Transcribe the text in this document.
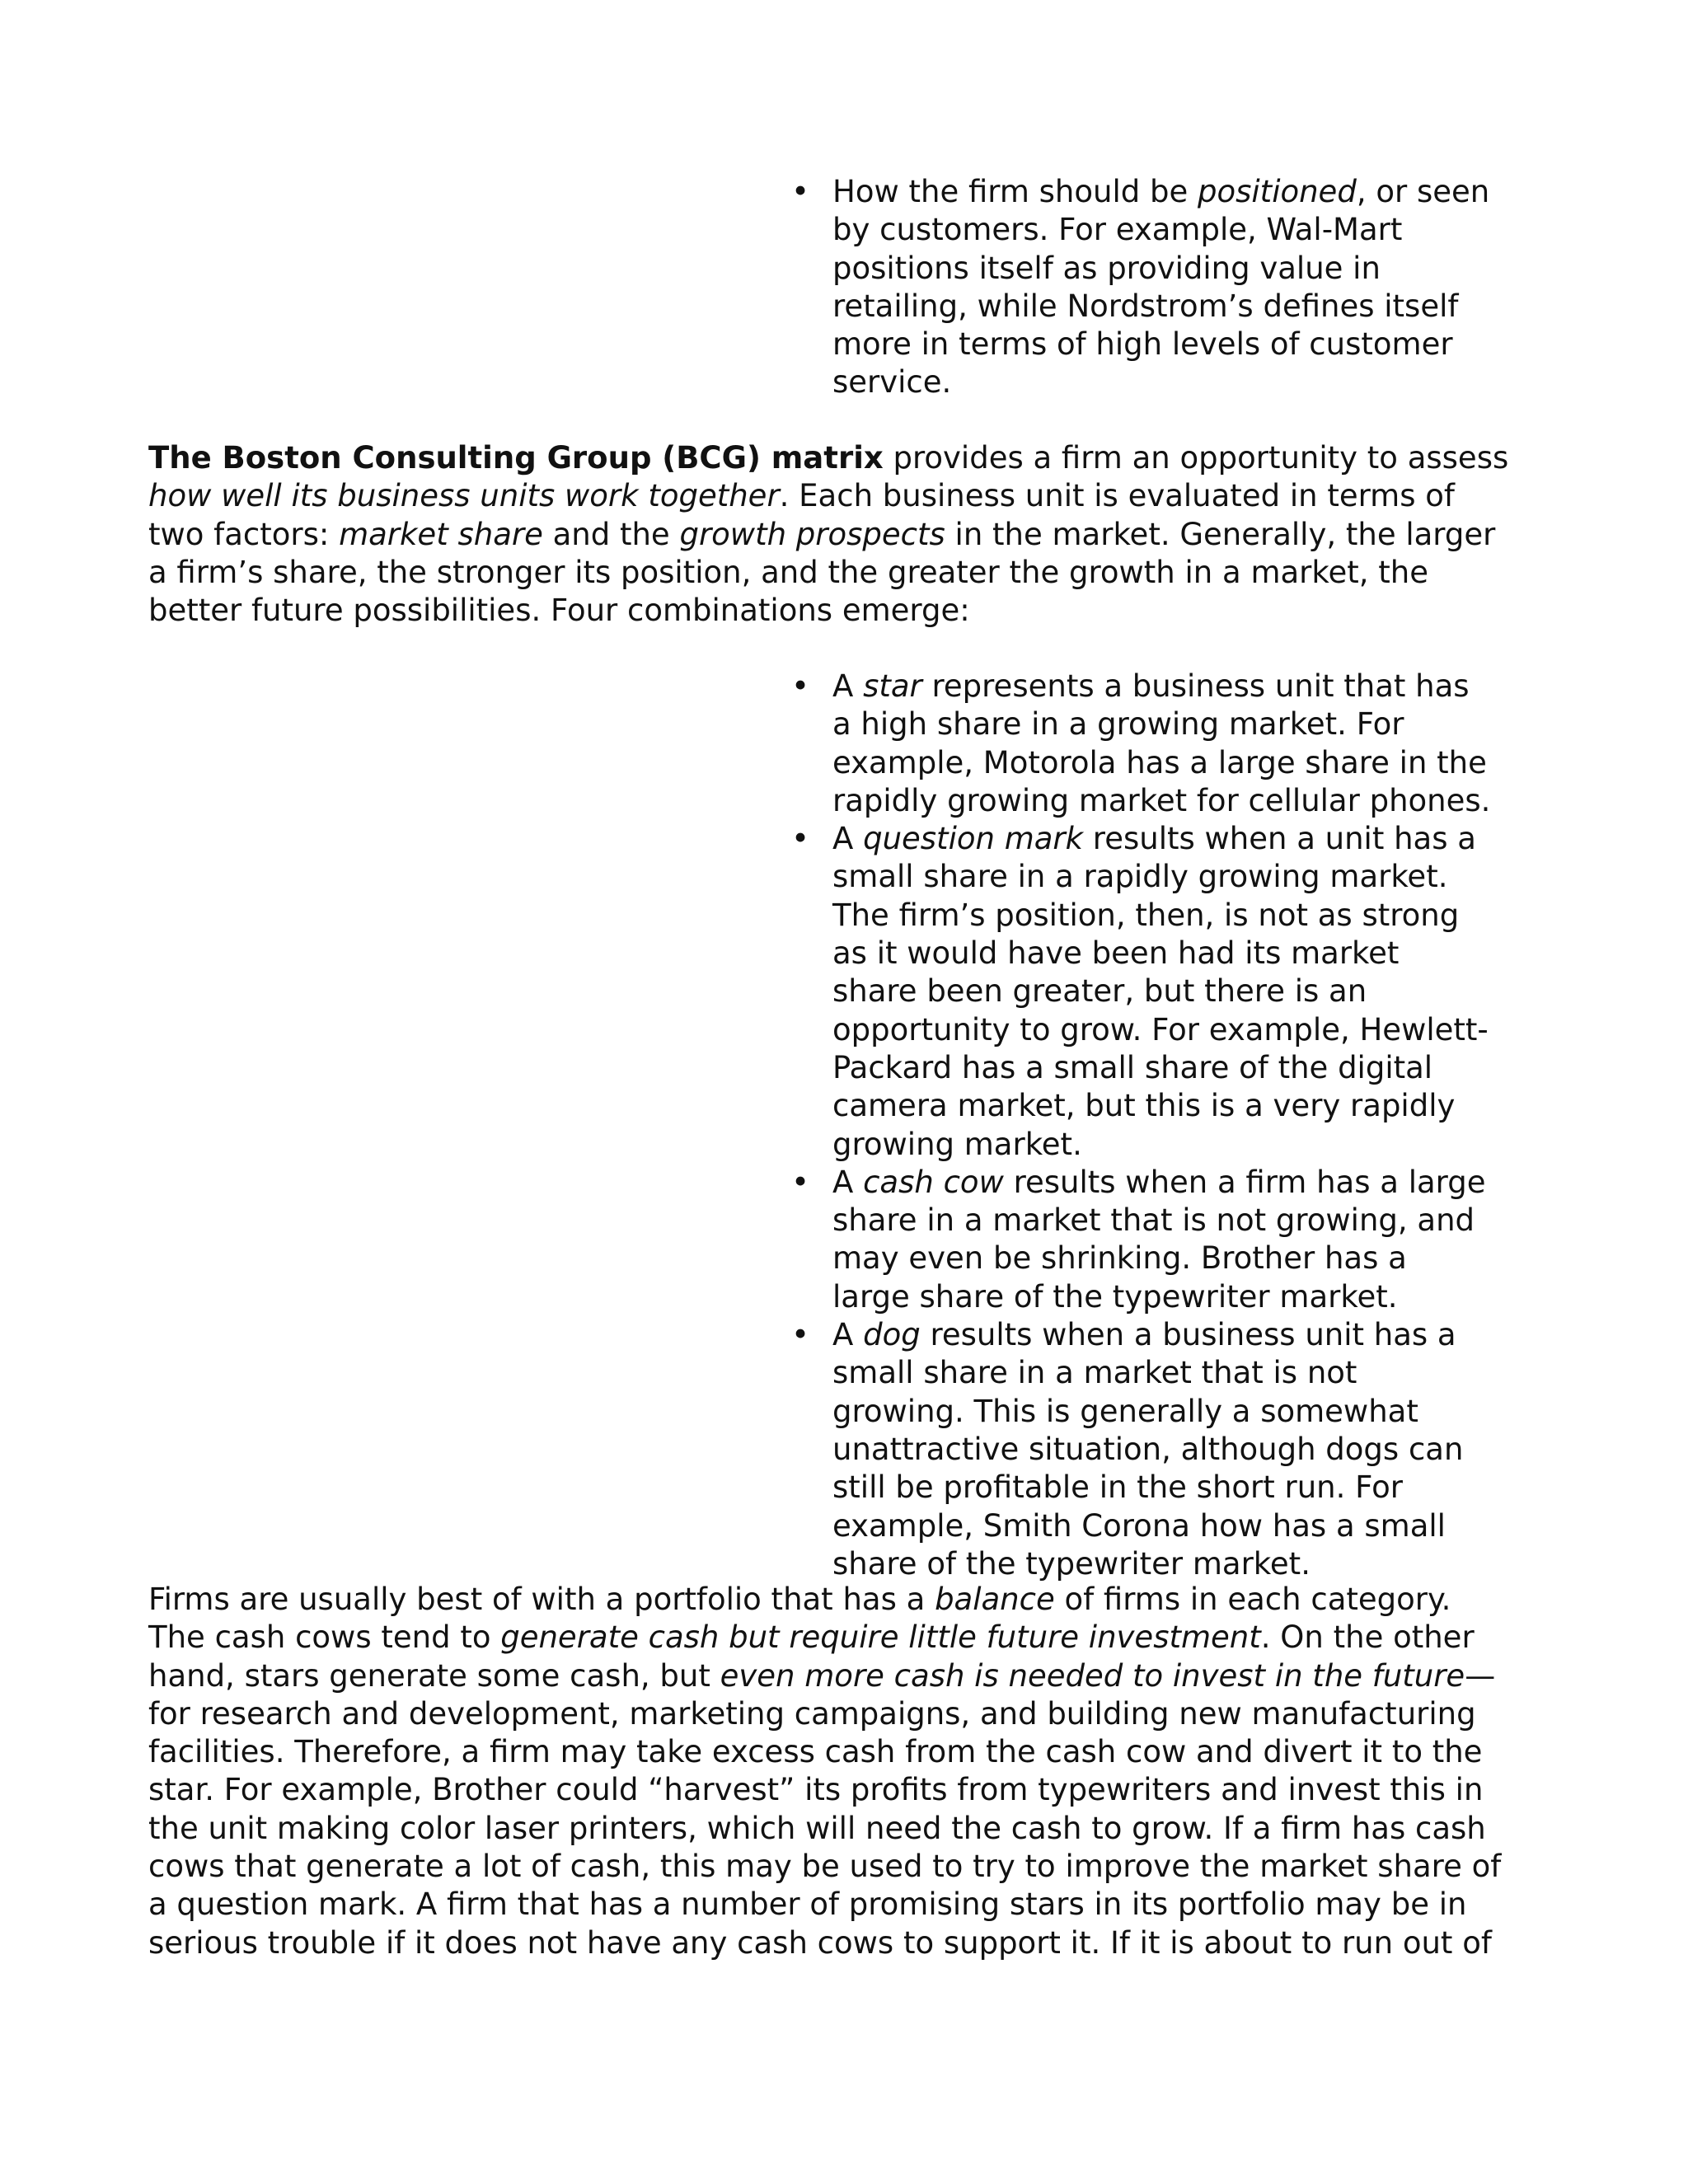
• How the firm should be positioned, or seen by customers. For example, Wal-Mart positions itself as providing value in retailing, while Nordstrom’s defines itself more in terms of high levels of customer service.

The Boston Consulting Group (BCG) matrix provides a firm an opportunity to assess how well its business units work together. Each business unit is evaluated in terms of two factors: market share and the growth prospects in the market. Generally, the larger a firm’s share, the stronger its position, and the greater the growth in a market, the better future possibilities. Four combinations emerge:

• A star represents a business unit that has a high share in a growing market. For example, Motorola has a large share in the rapidly growing market for cellular phones.
• A question mark results when a unit has a small share in a rapidly growing market. The firm’s position, then, is not as strong as it would have been had its market share been greater, but there is an opportunity to grow. For example, Hewlett-Packard has a small share of the digital camera market, but this is a very rapidly growing market.
• A cash cow results when a firm has a large share in a market that is not growing, and may even be shrinking. Brother has a large share of the typewriter market.
• A dog results when a business unit has a small share in a market that is not growing. This is generally a somewhat unattractive situation, although dogs can still be profitable in the short run. For example, Smith Corona how has a small share of the typewriter market.

Firms are usually best of with a portfolio that has a balance of firms in each category. The cash cows tend to generate cash but require little future investment. On the other hand, stars generate some cash, but even more cash is needed to invest in the future—for research and development, marketing campaigns, and building new manufacturing facilities. Therefore, a firm may take excess cash from the cash cow and divert it to the star. For example, Brother could “harvest” its profits from typewriters and invest this in the unit making color laser printers, which will need the cash to grow. If a firm has cash cows that generate a lot of cash, this may be used to try to improve the market share of a question mark. A firm that has a number of promising stars in its portfolio may be in serious trouble if it does not have any cash cows to support it. If it is about to run out of
